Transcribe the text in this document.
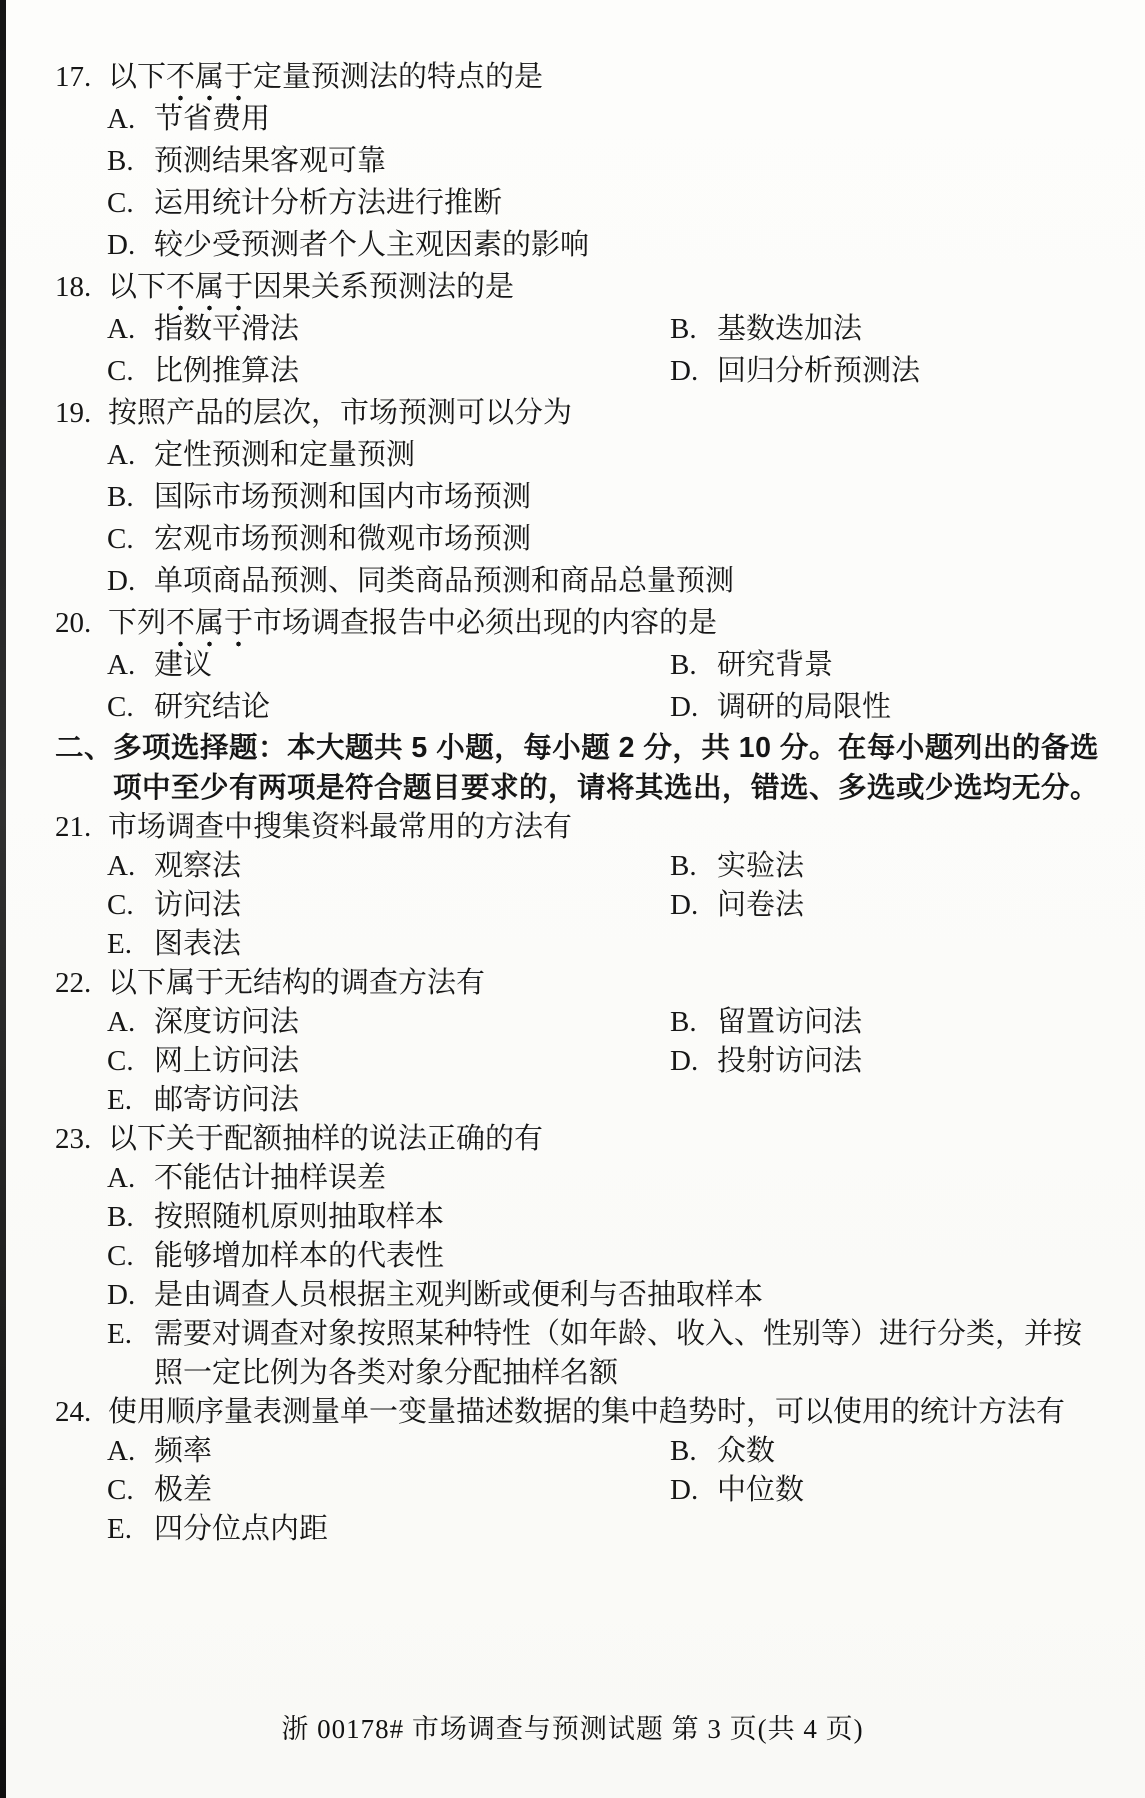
17. 以下不属于定量预测法的特点的是
A. 节省费用
B. 预测结果客观可靠
C. 运用统计分析方法进行推断
D. 较少受预测者个人主观因素的影响
18. 以下不属于因果关系预测法的是
A. 指数平滑法	B. 基数迭加法
C. 比例推算法	D. 回归分析预测法
19. 按照产品的层次，市场预测可以分为
A. 定性预测和定量预测
B. 国际市场预测和国内市场预测
C. 宏观市场预测和微观市场预测
D. 单项商品预测、同类商品预测和商品总量预测
20. 下列不属于市场调查报告中必须出现的内容的是
A. 建议	B. 研究背景
C. 研究结论	D. 调研的局限性
二、 多项选择题：本大题共 5 小题，每小题 2 分，共 10 分。在每小题列出的备选项中至少有两项是符合题目要求的，请将其选出，错选、多选或少选均无分。
21. 市场调查中搜集资料最常用的方法有
A. 观察法	B. 实验法
C. 访问法	D. 问卷法
E. 图表法
22. 以下属于无结构的调查方法有
A. 深度访问法	B. 留置访问法
C. 网上访问法	D. 投射访问法
E. 邮寄访问法
23. 以下关于配额抽样的说法正确的有
A. 不能估计抽样误差
B. 按照随机原则抽取样本
C. 能够增加样本的代表性
D. 是由调查人员根据主观判断或便利与否抽取样本
E. 需要对调查对象按照某种特性（如年龄、收入、性别等）进行分类，并按照一定比例为各类对象分配抽样名额
24. 使用顺序量表测量单一变量描述数据的集中趋势时，可以使用的统计方法有
A. 频率	B. 众数
C. 极差	D. 中位数
E. 四分位点内距
浙 00178# 市场调查与预测试题 第 3 页(共 4 页)
